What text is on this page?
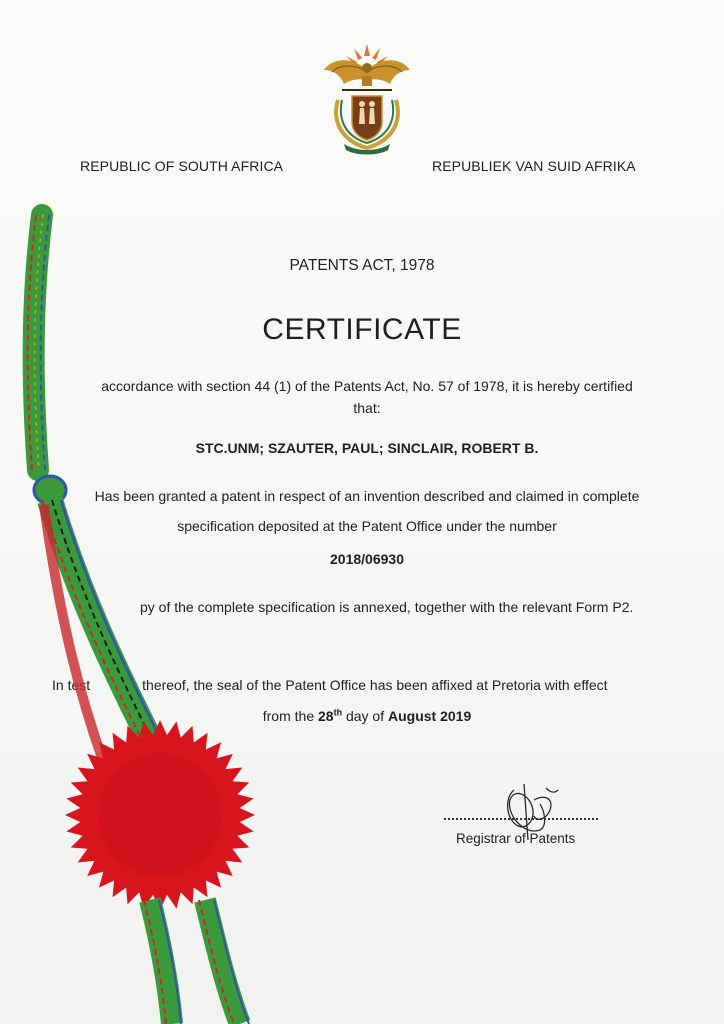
REPUBLIC OF SOUTH AFRICA	REPUBLIEK VAN SUID AFRIKA
PATENTS ACT, 1978
CERTIFICATE
accordance with section 44 (1) of the Patents Act, No. 57 of 1978, it is hereby certified
that:
STC.UNM; SZAUTER, PAUL; SINCLAIR, ROBERT B.
Has been granted a patent in respect of an invention described and claimed in complete
specification deposited at the Patent Office under the number
2018/06930
py of the complete specification is annexed, together with the relevant Form P2.
In test	thereof, the seal of the Patent Office has been affixed at Pretoria with effect
from the 28th day of August 2019
Registrar of Patents
